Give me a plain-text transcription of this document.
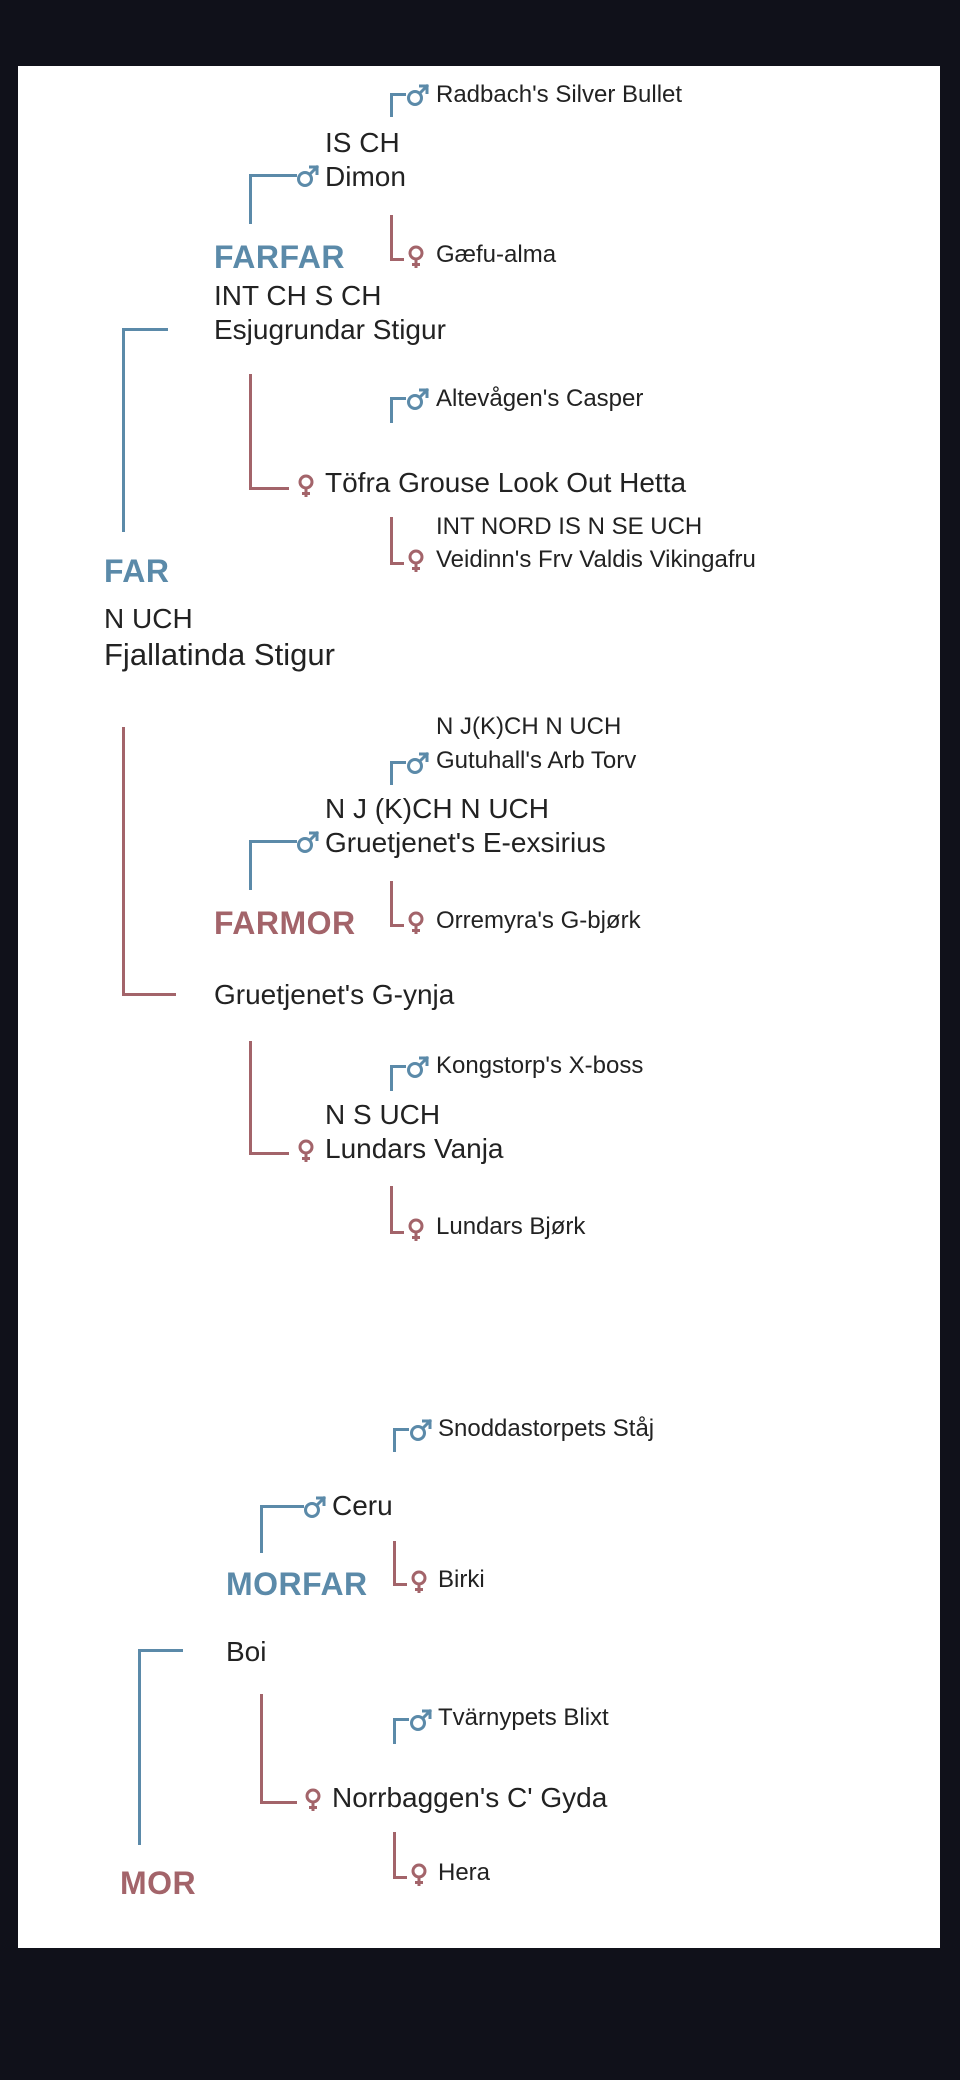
Radbach's Silver Bullet
IS CH
Dimon
FARFAR	Gæfu-alma
INT CH S CH
Esjugrundar Stigur
Altevågen's Casper
Töfra Grouse Look Out Hetta
INT NORD IS N SE UCH
Veidinn's Frv Valdis Vikingafru
FAR
N UCH
Fjallatinda Stigur
N J(K)CH N UCH
Gutuhall's Arb Torv
N J (K)CH N UCH
Gruetjenet's E-exsirius
FARMOR	Orremyra's G-bjørk
Gruetjenet's G-ynja
Kongstorp's X-boss
N S UCH
Lundars Vanja
Lundars Bjørk
Snoddastorpets Ståj
Ceru
MORFAR	Birki
Boi
Tvärnypets Blixt
Norrbaggen's C' Gyda
Hera
MOR
